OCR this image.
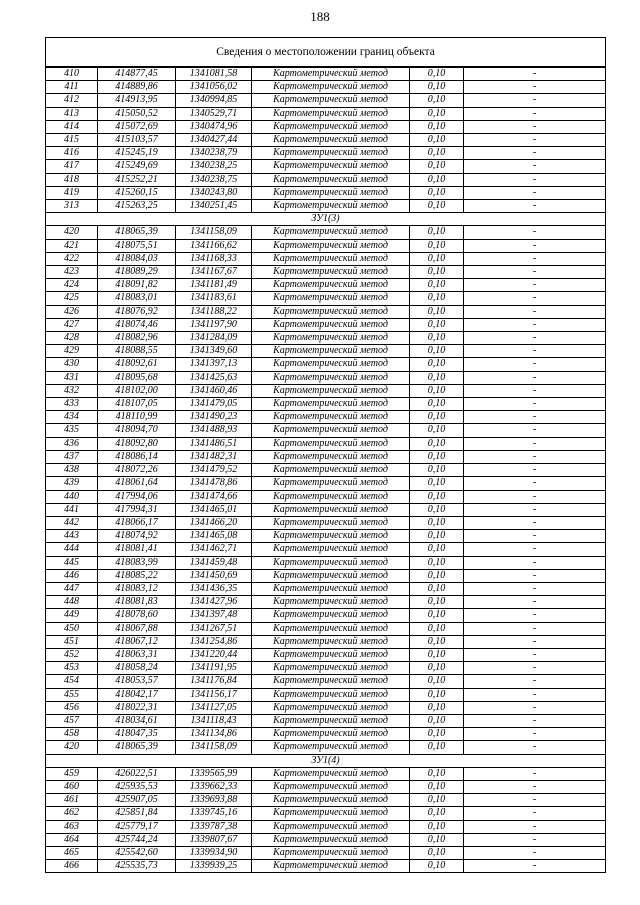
188
Сведения о местоположении границ объекта					
410	414877,45	1341081,58	Картометрический метод	0,10	-
411	414889,86	1341056,02	Картометрический метод	0,10	-
412	414913,95	1340994,85	Картометрический метод	0,10	-
413	415050,52	1340529,71	Картометрический метод	0,10	-
414	415072,69	1340474,96	Картометрический метод	0,10	-
415	415103,57	1340427,44	Картометрический метод	0,10	-
416	415245,19	1340238,79	Картометрический метод	0,10	-
417	415249,69	1340238,25	Картометрический метод	0,10	-
418	415252,21	1340238,75	Картометрический метод	0,10	-
419	415260,15	1340243,80	Картометрический метод	0,10	-
313	415263,25	1340251,45	Картометрический метод	0,10	-
ЗУ1(3)					
420	418065,39	1341158,09	Картометрический метод	0,10	-
421	418075,51	1341166,62	Картометрический метод	0,10	-
422	418084,03	1341168,33	Картометрический метод	0,10	-
423	418089,29	1341167,67	Картометрический метод	0,10	-
424	418091,82	1341181,49	Картометрический метод	0,10	-
425	418083,01	1341183,61	Картометрический метод	0,10	-
426	418076,92	1341188,22	Картометрический метод	0,10	-
427	418074,46	1341197,90	Картометрический метод	0,10	-
428	418082,96	1341284,09	Картометрический метод	0,10	-
429	418088,55	1341349,60	Картометрический метод	0,10	-
430	418092,61	1341397,13	Картометрический метод	0,10	-
431	418095,68	1341425,63	Картометрический метод	0,10	-
432	418102,00	1341460,46	Картометрический метод	0,10	-
433	418107,05	1341479,05	Картометрический метод	0,10	-
434	418110,99	1341490,23	Картометрический метод	0,10	-
435	418094,70	1341488,93	Картометрический метод	0,10	-
436	418092,80	1341486,51	Картометрический метод	0,10	-
437	418086,14	1341482,31	Картометрический метод	0,10	-
438	418072,26	1341479,52	Картометрический метод	0,10	-
439	418061,64	1341478,86	Картометрический метод	0,10	-
440	417994,06	1341474,66	Картометрический метод	0,10	-
441	417994,31	1341465,01	Картометрический метод	0,10	-
442	418066,17	1341466,20	Картометрический метод	0,10	-
443	418074,92	1341465,08	Картометрический метод	0,10	-
444	418081,41	1341462,71	Картометрический метод	0,10	-
445	418083,99	1341459,48	Картометрический метод	0,10	-
446	418085,22	1341450,69	Картометрический метод	0,10	-
447	418083,12	1341436,35	Картометрический метод	0,10	-
448	418081,83	1341427,96	Картометрический метод	0,10	-
449	418078,60	1341397,48	Картометрический метод	0,10	-
450	418067,88	1341267,51	Картометрический метод	0,10	-
451	418067,12	1341254,86	Картометрический метод	0,10	-
452	418063,31	1341220,44	Картометрический метод	0,10	-
453	418058,24	1341191,95	Картометрический метод	0,10	-
454	418053,57	1341176,84	Картометрический метод	0,10	-
455	418042,17	1341156,17	Картометрический метод	0,10	-
456	418022,31	1341127,05	Картометрический метод	0,10	-
457	418034,61	1341118,43	Картометрический метод	0,10	-
458	418047,35	1341134,86	Картометрический метод	0,10	-
420	418065,39	1341158,09	Картометрический метод	0,10	-
ЗУ1(4)					
459	426022,51	1339565,99	Картометрический метод	0,10	-
460	425935,53	1339662,33	Картометрический метод	0,10	-
461	425907,05	1339693,88	Картометрический метод	0,10	-
462	425851,84	1339745,16	Картометрический метод	0,10	-
463	425779,17	1339787,38	Картометрический метод	0,10	-
464	425744,24	1339807,67	Картометрический метод	0,10	-
465	425542,60	1339934,90	Картометрический метод	0,10	-
466	425535,73	1339939,25	Картометрический метод	0,10	-
